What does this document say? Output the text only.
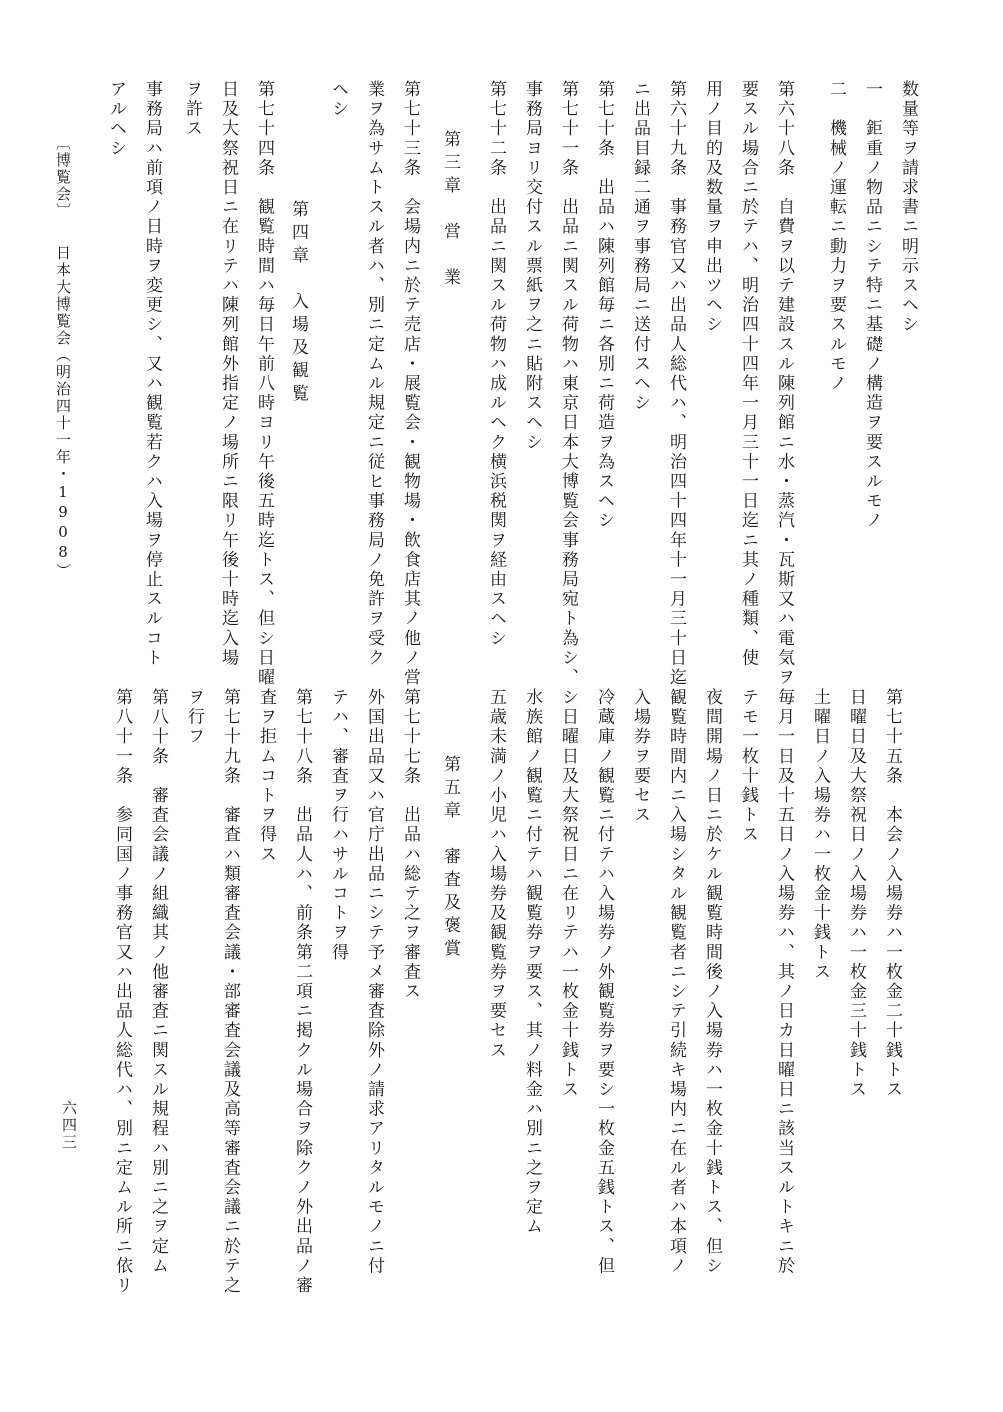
数量等ヲ請求書ニ明示スヘシ
一　鉅重ノ物品ニシテ特ニ基礎ノ構造ヲ要スルモノ
二　機械ノ運転ニ動力ヲ要スルモノ
第六十八条　自費ヲ以テ建設スル陳列館ニ水・蒸汽・瓦斯又ハ電気ヲ
要スル場合ニ於テハ、明治四十四年一月三十一日迄ニ其ノ種類、使
用ノ目的及数量ヲ申出ツヘシ
第六十九条　事務官又ハ出品人総代ハ、明治四十四年十一月三十日迄
ニ出品目録二通ヲ事務局ニ送付スヘシ
第七十条　出品ハ陳列館毎ニ各別ニ荷造ヲ為スヘシ
第七十一条　出品ニ関スル荷物ハ東京日本大博覧会事務局宛ト為シ、
事務局ヨリ交付スル票紙ヲ之ニ貼附スヘシ
第七十二条　出品ニ関スル荷物ハ成ルヘク横浜税関ヲ経由スヘシ
第三章　営　業
第七十三条　会場内ニ於テ売店・展覧会・観物場・飲食店其ノ他ノ営
業ヲ為サムトスル者ハ、別ニ定ムル規定ニ従ヒ事務局ノ免許ヲ受ク
ヘシ
第四章　入場及観覧
第七十四条　観覧時間ハ毎日午前八時ヨリ午後五時迄トス、但シ日曜
日及大祭祝日ニ在リテハ陳列館外指定ノ場所ニ限リ午後十時迄入場
ヲ許ス
事務局ハ前項ノ日時ヲ変更シ、又ハ観覧若クハ入場ヲ停止スルコト
アルヘシ
第七十五条　本会ノ入場券ハ一枚金二十銭トス
日曜日及大祭祝日ノ入場券ハ一枚金三十銭トス
土曜日ノ入場券ハ一枚金十銭トス
毎月一日及十五日ノ入場券ハ、其ノ日カ日曜日ニ該当スルトキニ於
テモ一枚十銭トス
夜間開場ノ日ニ於ケル観覧時間後ノ入場券ハ一枚金十銭トス、但シ
観覧時間内ニ入場シタル観覧者ニシテ引続キ場内ニ在ル者ハ本項ノ
入場券ヲ要セス
冷蔵庫ノ観覧ニ付テハ入場券ノ外観覧券ヲ要シ一枚金五銭トス、但
シ日曜日及大祭祝日ニ在リテハ一枚金十銭トス
水族館ノ観覧ニ付テハ観覧券ヲ要ス、其ノ料金ハ別ニ之ヲ定ム
五歳未満ノ小児ハ入場券及観覧券ヲ要セス
第五章　審査及褒賞
第七十七条　出品ハ総テ之ヲ審査ス
外国出品又ハ官庁出品ニシテ予メ審査除外ノ請求アリタルモノニ付
テハ、審査ヲ行ハサルコトヲ得
第七十八条　出品人ハ、前条第二項ニ掲クル場合ヲ除クノ外出品ノ審
査ヲ拒ムコトヲ得ス
第七十九条　審査ハ類審査会議・部審査会議及高等審査会議ニ於テ之
ヲ行フ
第八十条　審査会議ノ組織其ノ他審査ニ関スル規程ハ別ニ之ヲ定ム
第八十一条　参同国ノ事務官又ハ出品人総代ハ、別ニ定ムル所ニ依リ
〔博覧会〕
日本大博覧会（明治四十一年・1908）
六四三
